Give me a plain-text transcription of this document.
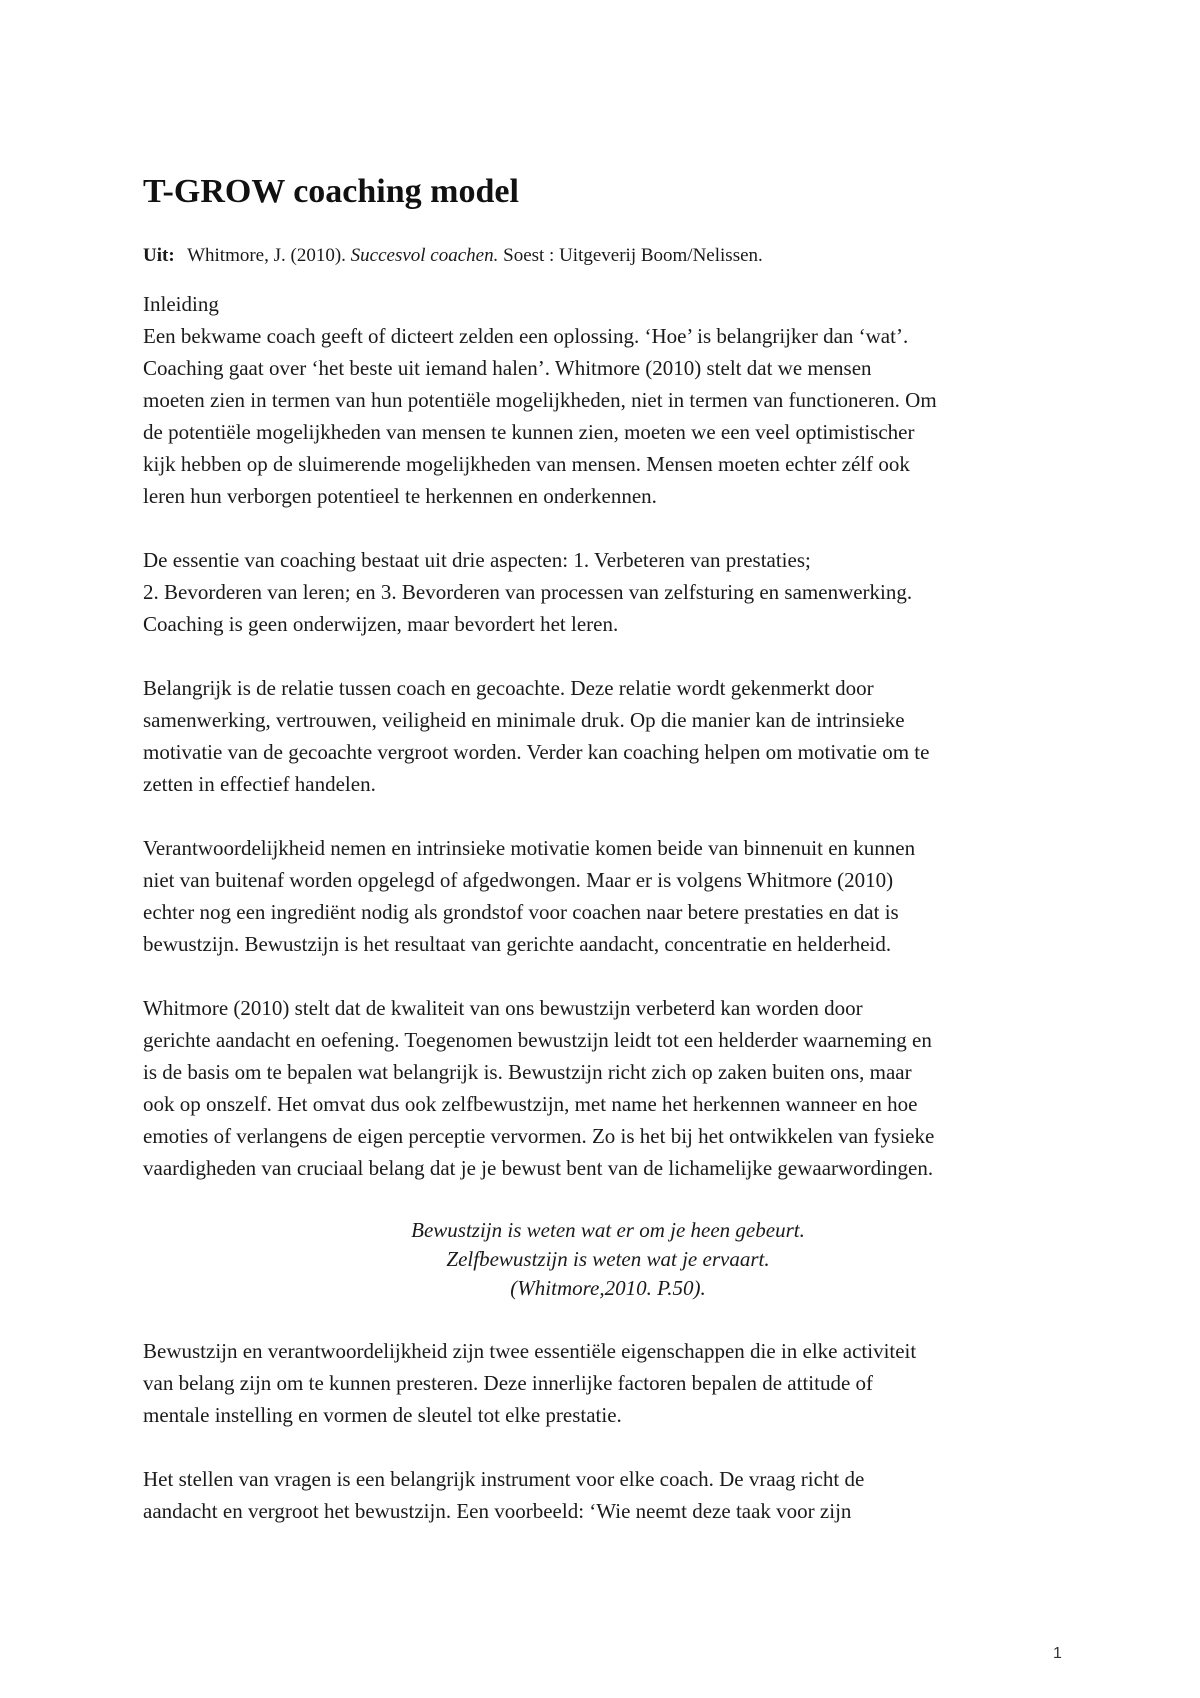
T-GROW coaching model
Uit: Whitmore, J. (2010). Succesvol coachen. Soest : Uitgeverij Boom/Nelissen.
Inleiding
Een bekwame coach geeft of dicteert zelden een oplossing. ‘Hoe’ is belangrijker dan ‘wat’.
Coaching gaat over ‘het beste uit iemand halen’. Whitmore (2010) stelt dat we mensen
moeten zien in termen van hun potentiële mogelijkheden, niet in termen van functioneren. Om
de potentiële mogelijkheden van mensen te kunnen zien, moeten we een veel optimistischer
kijk hebben op de sluimerende mogelijkheden van mensen. Mensen moeten echter zélf ook
leren hun verborgen potentieel te herkennen en onderkennen.
De essentie van coaching bestaat uit drie aspecten: 1. Verbeteren van prestaties;
2. Bevorderen van leren; en 3. Bevorderen van processen van zelfsturing en samenwerking.
Coaching is geen onderwijzen, maar bevordert het leren.
Belangrijk is de relatie tussen coach en gecoachte. Deze relatie wordt gekenmerkt door
samenwerking, vertrouwen, veiligheid en minimale druk. Op die manier kan de intrinsieke
motivatie van de gecoachte vergroot worden. Verder kan coaching helpen om motivatie om te
zetten in effectief handelen.
Verantwoordelijkheid nemen en intrinsieke motivatie komen beide van binnenuit en kunnen
niet van buitenaf worden opgelegd of afgedwongen. Maar er is volgens Whitmore (2010)
echter nog een ingrediënt nodig als grondstof voor coachen naar betere prestaties en dat is
bewustzijn. Bewustzijn is het resultaat van gerichte aandacht, concentratie en helderheid.
Whitmore (2010) stelt dat de kwaliteit van ons bewustzijn verbeterd kan worden door
gerichte aandacht en oefening. Toegenomen bewustzijn leidt tot een helderder waarneming en
is de basis om te bepalen wat belangrijk is. Bewustzijn richt zich op zaken buiten ons, maar
ook op onszelf. Het omvat dus ook zelfbewustzijn, met name het herkennen wanneer en hoe
emoties of verlangens de eigen perceptie vervormen. Zo is het bij het ontwikkelen van fysieke
vaardigheden van cruciaal belang dat je je bewust bent van de lichamelijke gewaarwordingen.
Bewustzijn is weten wat er om je heen gebeurt.
Zelfbewustzijn is weten wat je ervaart.
(Whitmore,2010. P.50).
Bewustzijn en verantwoordelijkheid zijn twee essentiële eigenschappen die in elke activiteit
van belang zijn om te kunnen presteren. Deze innerlijke factoren bepalen de attitude of
mentale instelling en vormen de sleutel tot elke prestatie.
Het stellen van vragen is een belangrijk instrument voor elke coach. De vraag richt de
aandacht en vergroot het bewustzijn. Een voorbeeld: ‘Wie neemt deze taak voor zijn
1
